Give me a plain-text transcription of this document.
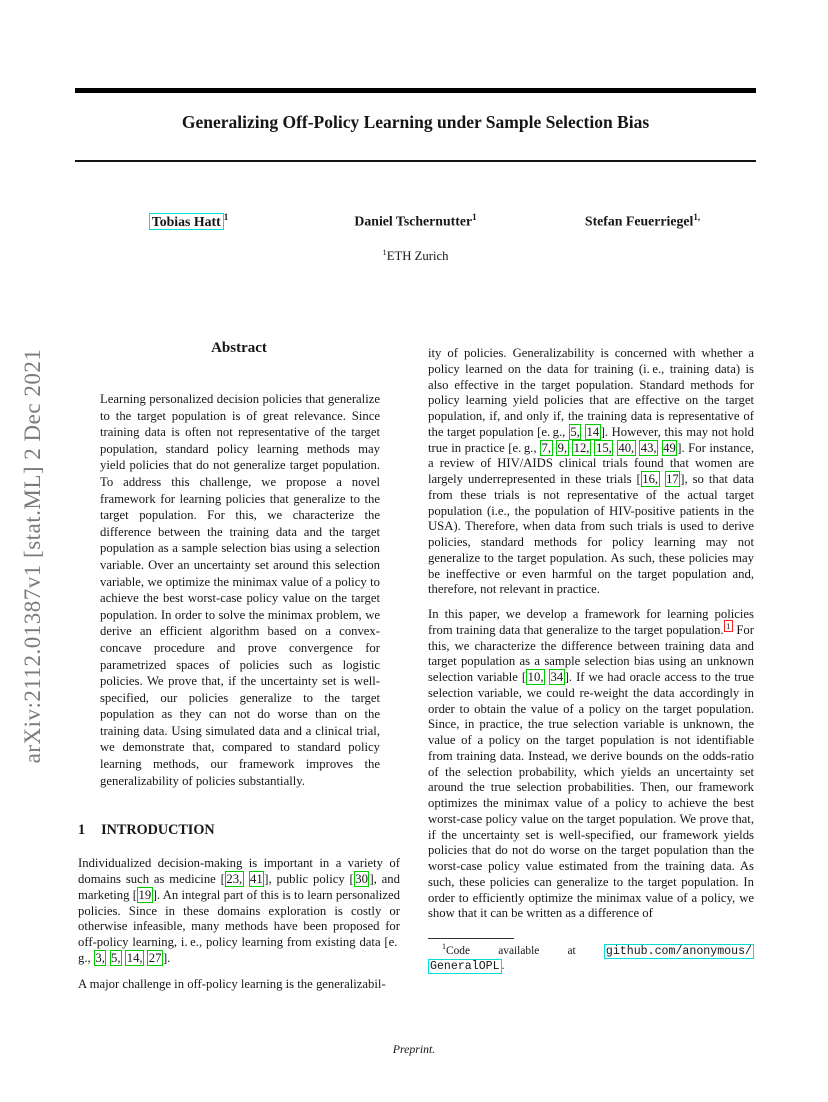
arXiv:2112.01387v1 [stat.ML] 2 Dec 2021
Generalizing Off-Policy Learning under Sample Selection Bias
Tobias Hatt $^1$	Daniel Tschernutter$^1$	Stefan Feuerriegel$^{1,}$
$^1$ETH Zurich
Abstract
Learning personalized decision policies that generalize to the target population is of great relevance. Since training data is often not representative of the target population, standard policy learning methods may yield policies that do not generalize target population. To address this challenge, we propose a novel framework for learning policies that generalize to the target population. For this, we characterize the difference between the training data and the target population as a sample selection bias using a selection variable. Over an uncertainty set around this selection variable, we optimize the minimax value of a policy to achieve the best worst-case policy value on the target population. In order to solve the minimax problem, we derive an efficient algorithm based on a convex-concave procedure and prove convergence for parametrized spaces of policies such as logistic policies. We prove that, if the uncertainty set is well-specified, our policies generalize to the target population as they can not do worse than on the training data. Using simulated data and a clinical trial, we demonstrate that, compared to standard policy learning methods, our framework improves the generalizability of policies substantially.
1 INTRODUCTION
Individualized decision-making is important in a variety of domains such as medicine [ 23, 41 ], public policy [ 30 ], and marketing [ 19 ]. An integral part of this is to learn personalized policies. Since in these domains exploration is costly or otherwise infeasible, many methods have been proposed for off-policy learning, i. e., policy learning from existing data [e. g., 3, 5, 14, 27 ].
A major challenge in off-policy learning is the generalizabil-
ity of policies. Generalizability is concerned with whether a policy learned on the data for training (i. e., training data) is also effective in the target population. Standard methods for policy learning yield policies that are effective on the target population, if, and only if, the training data is representative of the target population [e. g., 5, 14 ]. However, this may not hold true in practice [e. g., 7, 9, 12, 15, 40, 43, 49 ]. For instance, a review of HIV/AIDS clinical trials found that women are largely underrepresented in these trials [ 16, 17 ], so that data from these trials is not representative of the actual target population (i.e., the population of HIV-positive patients in the USA). Therefore, when data from such trials is used to derive policies, standard methods for policy learning may not generalize to the target population. As such, these policies may be ineffective or even harmful on the target population and, therefore, not relevant in practice.
In this paper, we develop a framework for learning policies from training data that generalize to the target population. $^1$ For this, we characterize the difference between training data and target population as a sample selection bias using an unknown selection variable [ 10, 34 ]. If we had oracle access to the true selection variable, we could re-weight the data accordingly in order to obtain the value of a policy on the target population. Since, in practice, the true selection variable is unknown, the value of a policy on the target population is not identifiable from training data. Instead, we derive bounds on the odds-ratio of the selection probability, which yields an uncertainty set around the true selection probabilities. Then, our framework optimizes the minimax value of a policy to achieve the best worst-case policy value on the target population. We prove that, if the uncertainty set is well-specified, our framework yields policies that do not do worse on the target population than the worst-case policy value estimated from the training data. As such, these policies can generalize to the target population. In order to efficiently optimize the minimax value of a policy, we show that it can be written as a difference of
$^1$Code available at github.com/anonymous/GeneralOPL .
Preprint.
